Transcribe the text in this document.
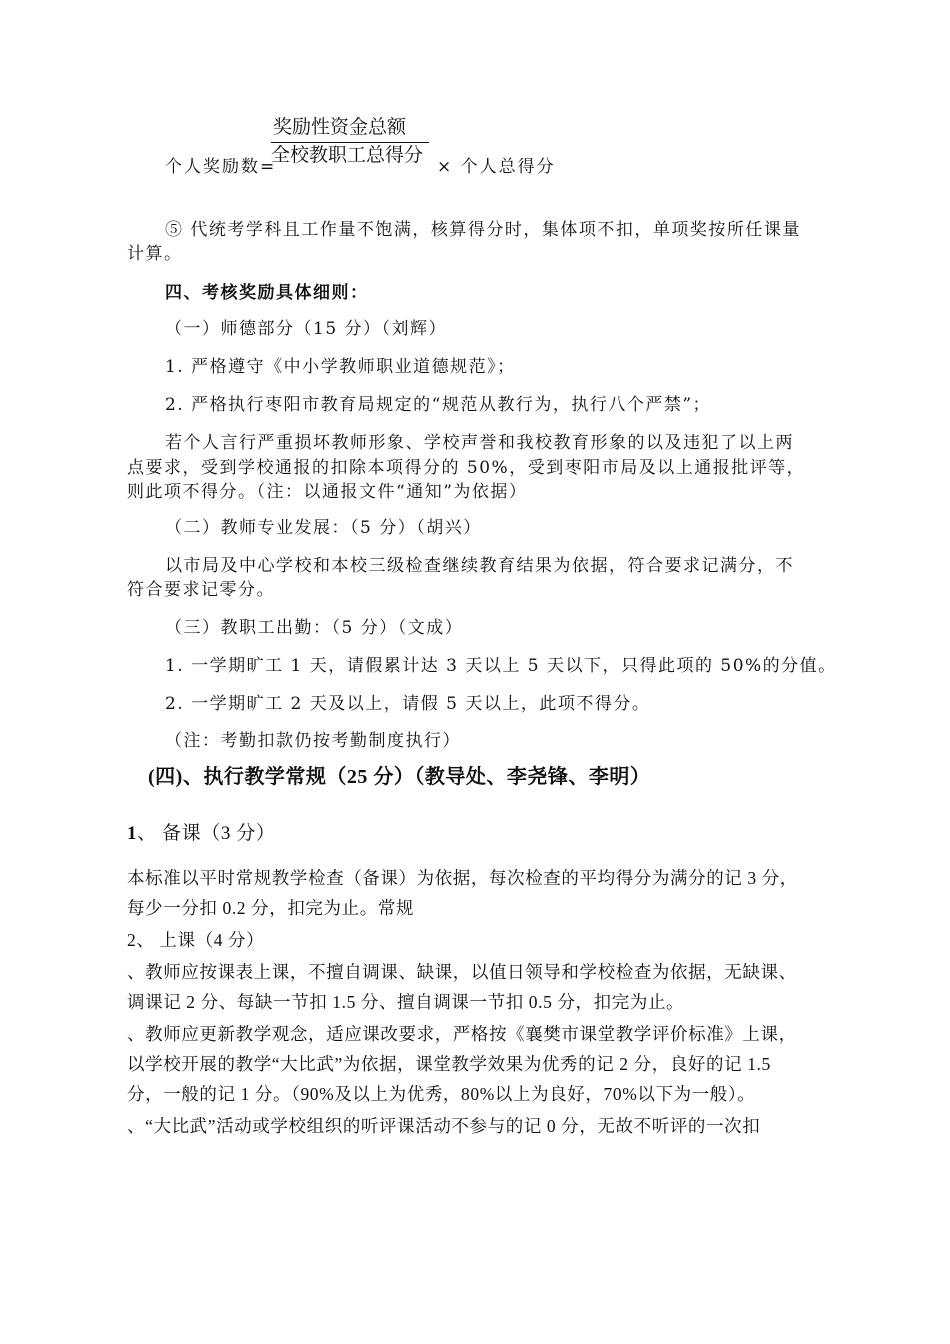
个人奖励数=
奖励性资金总额
全校教职工总得分
× 个人总得分
⑤ 代统考学科且工作量不饱满，核算得分时，集体项不扣，单项奖按所任课量
计算。
四、考核奖励具体细则：
（一）师德部分（15 分）（刘辉）
1. 严格遵守《中小学教师职业道德规范》；
2. 严格执行枣阳市教育局规定的“规范从教行为，执行八个严禁”；
若个人言行严重损坏教师形象、学校声誉和我校教育形象的以及违犯了以上两
点要求，受到学校通报的扣除本项得分的 50%，受到枣阳市局及以上通报批评等，
则此项不得分。（注：以通报文件“通知”为依据）
（二）教师专业发展：（5 分）（胡兴）
以市局及中心学校和本校三级检查继续教育结果为依据，符合要求记满分，不
符合要求记零分。
（三）教职工出勤：（5 分）（文成）
1. 一学期旷工 1 天，请假累计达 3 天以上 5 天以下，只得此项的 50%的分值。
2. 一学期旷工 2 天及以上，请假 5 天以上，此项不得分。
（注：考勤扣款仍按考勤制度执行）
(四)、执行教学常规（25 分）（教导处、李尧锋、李明）
1、 备课（3 分）
本标准以平时常规教学检查（备课）为依据，每次检查的平均得分为满分的记 3 分，
每少一分扣 0.2 分，扣完为止。常规
2、 上课（4 分）
、教师应按课表上课，不擅自调课、缺课，以值日领导和学校检查为依据，无缺课、
调课记 2 分、每缺一节扣 1.5 分、擅自调课一节扣 0.5 分，扣完为止。
、教师应更新教学观念，适应课改要求，严格按《襄樊市课堂教学评价标准》上课，
以学校开展的教学“大比武”为依据，课堂教学效果为优秀的记 2 分，良好的记 1.5
分，一般的记 1 分。（90%及以上为优秀，80%以上为良好，70%以下为一般）。
、“大比武”活动或学校组织的听评课活动不参与的记 0 分，无故不听评的一次扣
